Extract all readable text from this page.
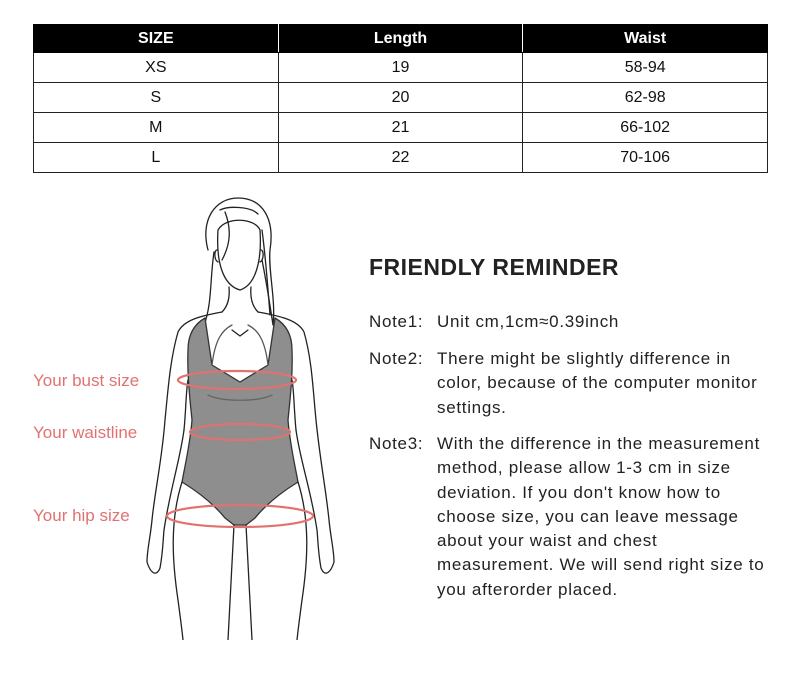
SIZE	Length	Waist
XS	19	58-94
S	20	62-98
M	21	66-102
L	22	70-106
Your bust size
Your waistline
Your hip size
FRIENDLY REMINDER
Note1: Unit cm,1cm≈0.39inch
Note2: There might be slightly difference in color, because of the computer monitor settings.
Note3: With the difference in the measurement method, please allow 1-3 cm in size deviation. If you don't know how to choose size, you can leave message about your waist and chest measurement. We will send right size to you afterorder placed.
